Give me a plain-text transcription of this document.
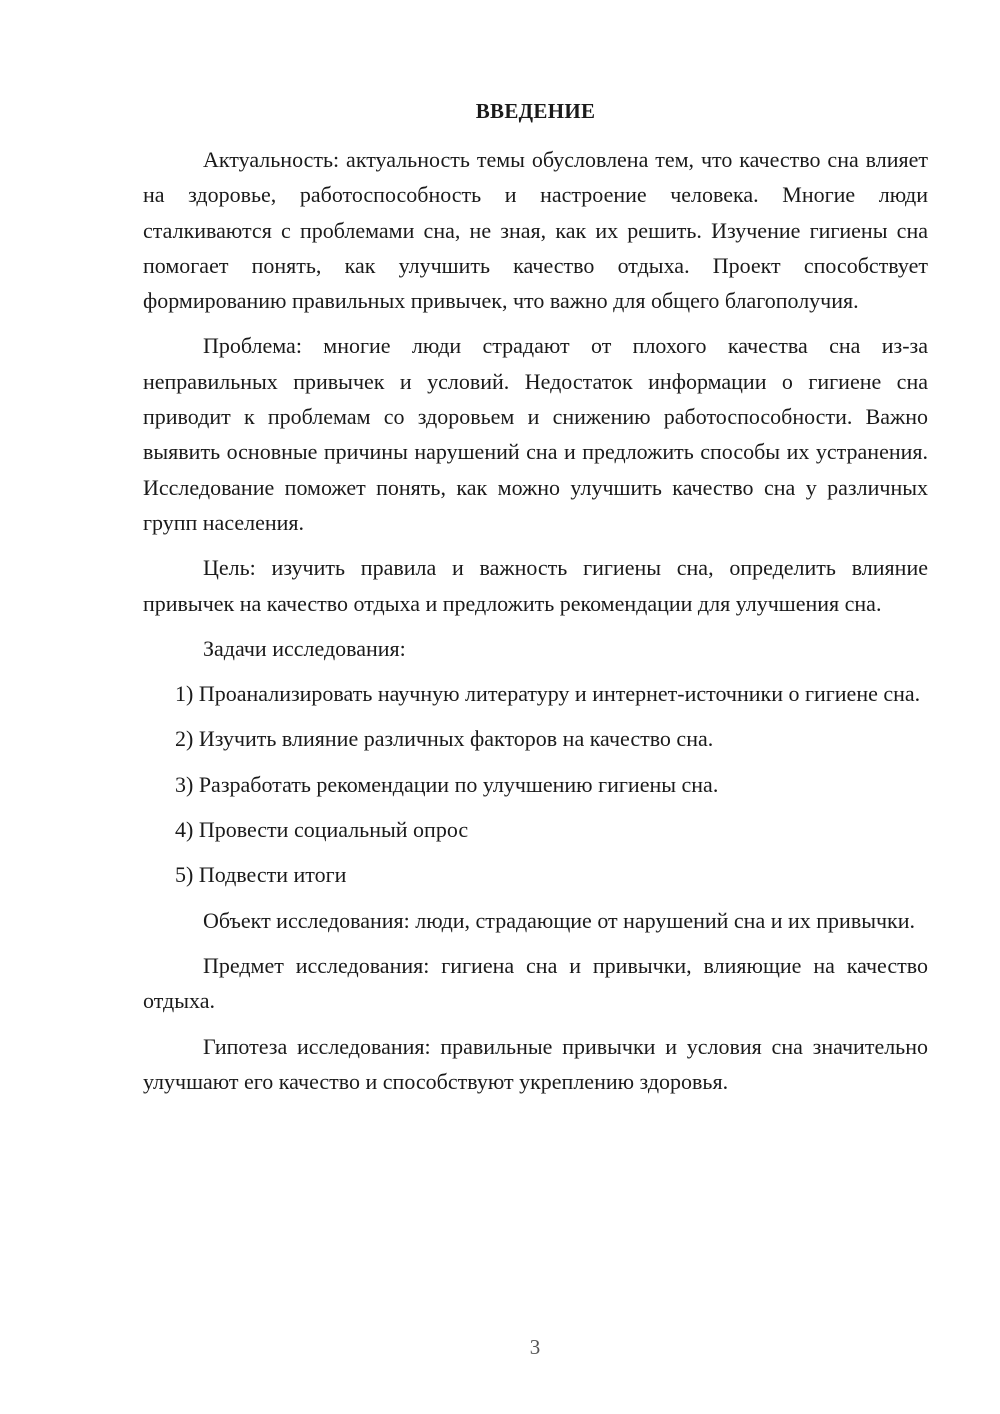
ВВЕДЕНИЕ

Актуальность: актуальность темы обусловлена тем, что качество сна влияет на здоровье, работоспособность и настроение человека. Многие люди сталкиваются с проблемами сна, не зная, как их решить. Изучение гигиены сна помогает понять, как улучшить качество отдыха. Проект способствует формированию правильных привычек, что важно для общего благополучия.

Проблема: многие люди страдают от плохого качества сна из-за неправильных привычек и условий. Недостаток информации о гигиене сна приводит к проблемам со здоровьем и снижению работоспособности. Важно выявить основные причины нарушений сна и предложить способы их устранения. Исследование поможет понять, как можно улучшить качество сна у различных групп населения.

Цель: изучить правила и важность гигиены сна, определить влияние привычек на качество отдыха и предложить рекомендации для улучшения сна.

Задачи исследования:

1) Проанализировать научную литературу и интернет-источники о гигиене сна.

2) Изучить влияние различных факторов на качество сна.

3) Разработать рекомендации по улучшению гигиены сна.

4) Провести социальный опрос

5) Подвести итоги

Объект исследования: люди, страдающие от нарушений сна и их привычки.

Предмет исследования: гигиена сна и привычки, влияющие на качество отдыха.

Гипотеза исследования: правильные привычки и условия сна значительно улучшают его качество и способствуют укреплению здоровья.

3
